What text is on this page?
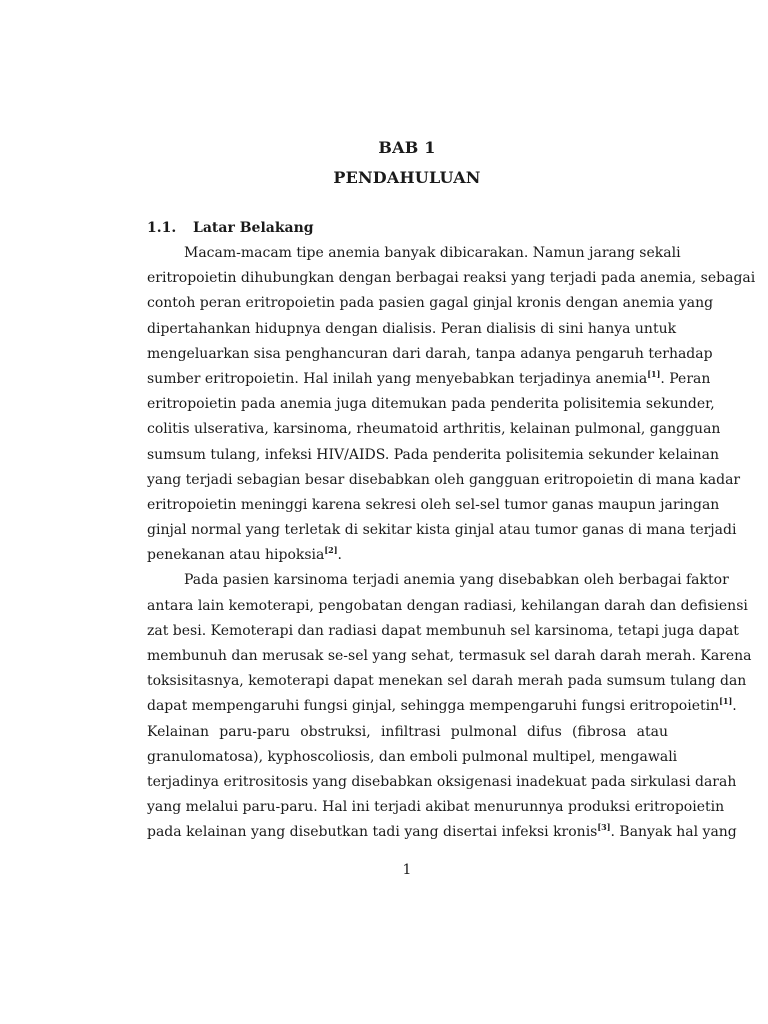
BAB 1
PENDAHULUAN
1.1. Latar Belakang
Macam-macam tipe anemia banyak dibicarakan. Namun jarang sekali
eritropoietin dihubungkan dengan berbagai reaksi yang terjadi pada anemia, sebagai
contoh peran eritropoietin pada pasien gagal ginjal kronis dengan anemia yang
dipertahankan hidupnya dengan dialisis. Peran dialisis di sini hanya untuk
mengeluarkan sisa penghancuran dari darah, tanpa adanya pengaruh terhadap
sumber eritropoietin. Hal inilah yang menyebabkan terjadinya anemia[1]. Peran
eritropoietin pada anemia juga ditemukan pada penderita polisitemia sekunder,
colitis ulserativa, karsinoma, rheumatoid arthritis, kelainan pulmonal, gangguan
sumsum tulang, infeksi HIV/AIDS. Pada penderita polisitemia sekunder kelainan
yang terjadi sebagian besar disebabkan oleh gangguan eritropoietin di mana kadar
eritropoietin meninggi karena sekresi oleh sel-sel tumor ganas maupun jaringan
ginjal normal yang terletak di sekitar kista ginjal atau tumor ganas di mana terjadi
penekanan atau hipoksia[2].
Pada pasien karsinoma terjadi anemia yang disebabkan oleh berbagai faktor
antara lain kemoterapi, pengobatan dengan radiasi, kehilangan darah dan defisiensi
zat besi. Kemoterapi dan radiasi dapat membunuh sel karsinoma, tetapi juga dapat
membunuh dan merusak se-sel yang sehat, termasuk sel darah darah merah. Karena
toksisitasnya, kemoterapi dapat menekan sel darah merah pada sumsum tulang dan
dapat mempengaruhi fungsi ginjal, sehingga mempengaruhi fungsi eritropoietin[1].
Kelainan paru-paru obstruksi, infiltrasi pulmonal difus (fibrosa atau
granulomatosa), kyphoscoliosis, dan emboli pulmonal multipel, mengawali
terjadinya eritrositosis yang disebabkan oksigenasi inadekuat pada sirkulasi darah
yang melalui paru-paru. Hal ini terjadi akibat menurunnya produksi eritropoietin
pada kelainan yang disebutkan tadi yang disertai infeksi kronis[3]. Banyak hal yang
1
